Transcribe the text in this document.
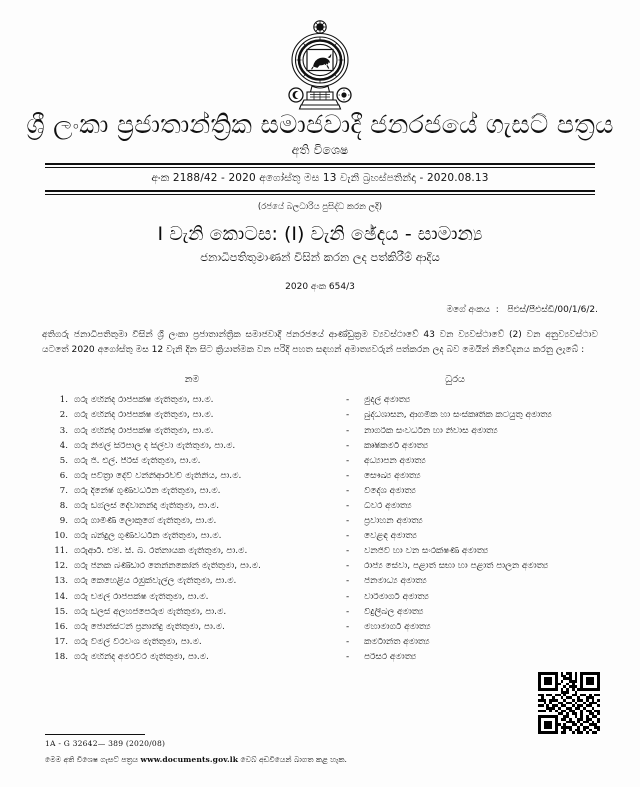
ශ්‍රී ලංකා ප්‍රජාතාන්ත්‍රික සමාජවාදී ජනරජයේ ගැසට් පත්‍රය
අති විශෙෂ
අංක 2188/42 - 2020 අගෝස්තු මස 13 වැනි බ්‍රහස්පතින්දා - 2020.08.13
(රජයේ බලධාරිය පුසිද්ධ කරන ලදි)
I වැනි කොටස: (I) වැනි ඡේදය - සාමාන්‍ය
ජනාධිපතිතුමාණන් විසින් කරන ලද පත්කිරීම් ආදිය
2020 අංක 654/3
මගේ අංකය  :   පිඑස්/පීඑස්ඩී/00/1/6/2.
අතිගරු ජනාධිපතිතුමා විසින් ශ්‍රී ලංකා ප්‍රජාතාන්ත්‍රික සමාජවාදී ජනරජයේ ආණ්ඩුක්‍රම ව්‍යවස්ථාවේ 43 වන ව්‍යවස්ථාවේ (2) වන අනුව්‍යවස්ථාව යටතේ 2020 අගෝස්තු මස 12 වැනි දින සිට ක්‍රියාත්මක වන පරිදි පහත සඳහන් අමාත්‍යවරුන් පත්කරන ලද බව මෙයින් නිවේදනය කරනු ලැබේ :
නම	ධුරය
1. ගරු මහින්ද රාජපක්ෂ මැතිතුමා, පා.ම.	-	මුදල් අමාත්‍ය
2. ගරු මහින්ද රාජපක්ෂ මැතිතුමා, පා.ම.	-	බුද්ධශාසන, ආගමික හා සංස්කෘතික කටයුතු අමාත්‍ය
3. ගරු මහින්ද රාජපක්ෂ මැතිතුමා, පා.ම.	-	නාගරික සංවර්ධන හා නිවාස අමාත්‍ය
4. ගරු නිමල් සිරිපාල ද සිල්වා මැතිතුමා, පා.ම.	-	කෘෂිකර්ම අමාත්‍ය
5. ගරු ජී. එල්. පීරිස් මැතිතුමා, පා.ම.	-	අධ්‍යාපන අමාත්‍ය
6. ගරු පවිත්‍රා දේවි වන්නිආරච්චි මැතිනිය, පා.ම.	-	සෞඛ්‍ය අමාත්‍ය
7. ගරු දිනේෂ් ගුණවර්ධන මැතිතුමා, පා.ම.	-	විදේශ අමාත්‍ය
8. ගරු ඩග්ලස් දේවානන්දා මැතිතුමා, පා.ම.	-	ධීවර අමාත්‍ය
9. ගරු ගාමිණී ලොකුගේ මැතිතුමා, පා.ම.	-	ප්‍රවාහන අමාත්‍ය
10. ගරු බන්දුල ගුණවර්ධන මැතිතුමා, පා.ම.	-	වෙළඳ අමාත්‍ය
11. ගරුආර්. එම්. සී. බී. රත්නායක මැතිතුමා, පා.ම.	-	වනජීවි හා වන සංරක්ෂණ අමාත්‍ය
12. ගරු ජනක බණ්ඩාර තෙන්නකෝන් මැතිතුමා, පා.ම.	-	රාජ්‍ය සේවා, පළාත් සභා හා පළාත් පාලන අමාත්‍ය
13. ගරු කෙහෙළිය රඹුක්වැල්ල මැතිතුමා, පා.ම.	-	ජනමාධ්‍ය අමාත්‍ය
14. ගරු චමල් රාජපක්ෂ මැතිතුමා, පා.ම.	-	වාරිමාර්ග අමාත්‍ය
15. ගරු ඩලස් අලහප්පෙරුම මැතිතුමා, පා.ම.	-	විදුලිබල අමාත්‍ය
16. ගරු ජොන්ස්ටන් ප්‍රනාන්දු මැතිතුමා, පා.ම.	-	මහාමාර්ග අමාත්‍ය
17. ගරු විමල් වීරවංශ මැතිතුමා, පා.ම.	-	කර්මාන්ත අමාත්‍ය
18. ගරු මහින්ද අමරවීර මැතිතුමා, පා.ම.	-	පරිසර අමාත්‍ය
1A - G 32642— 389 (2020/08)
මෙම අති විශෙෂ ගැසට් පත්‍රය www.documents.gov.lk වෙබ් අඩවියෙන් බාගත කළ හැක.
